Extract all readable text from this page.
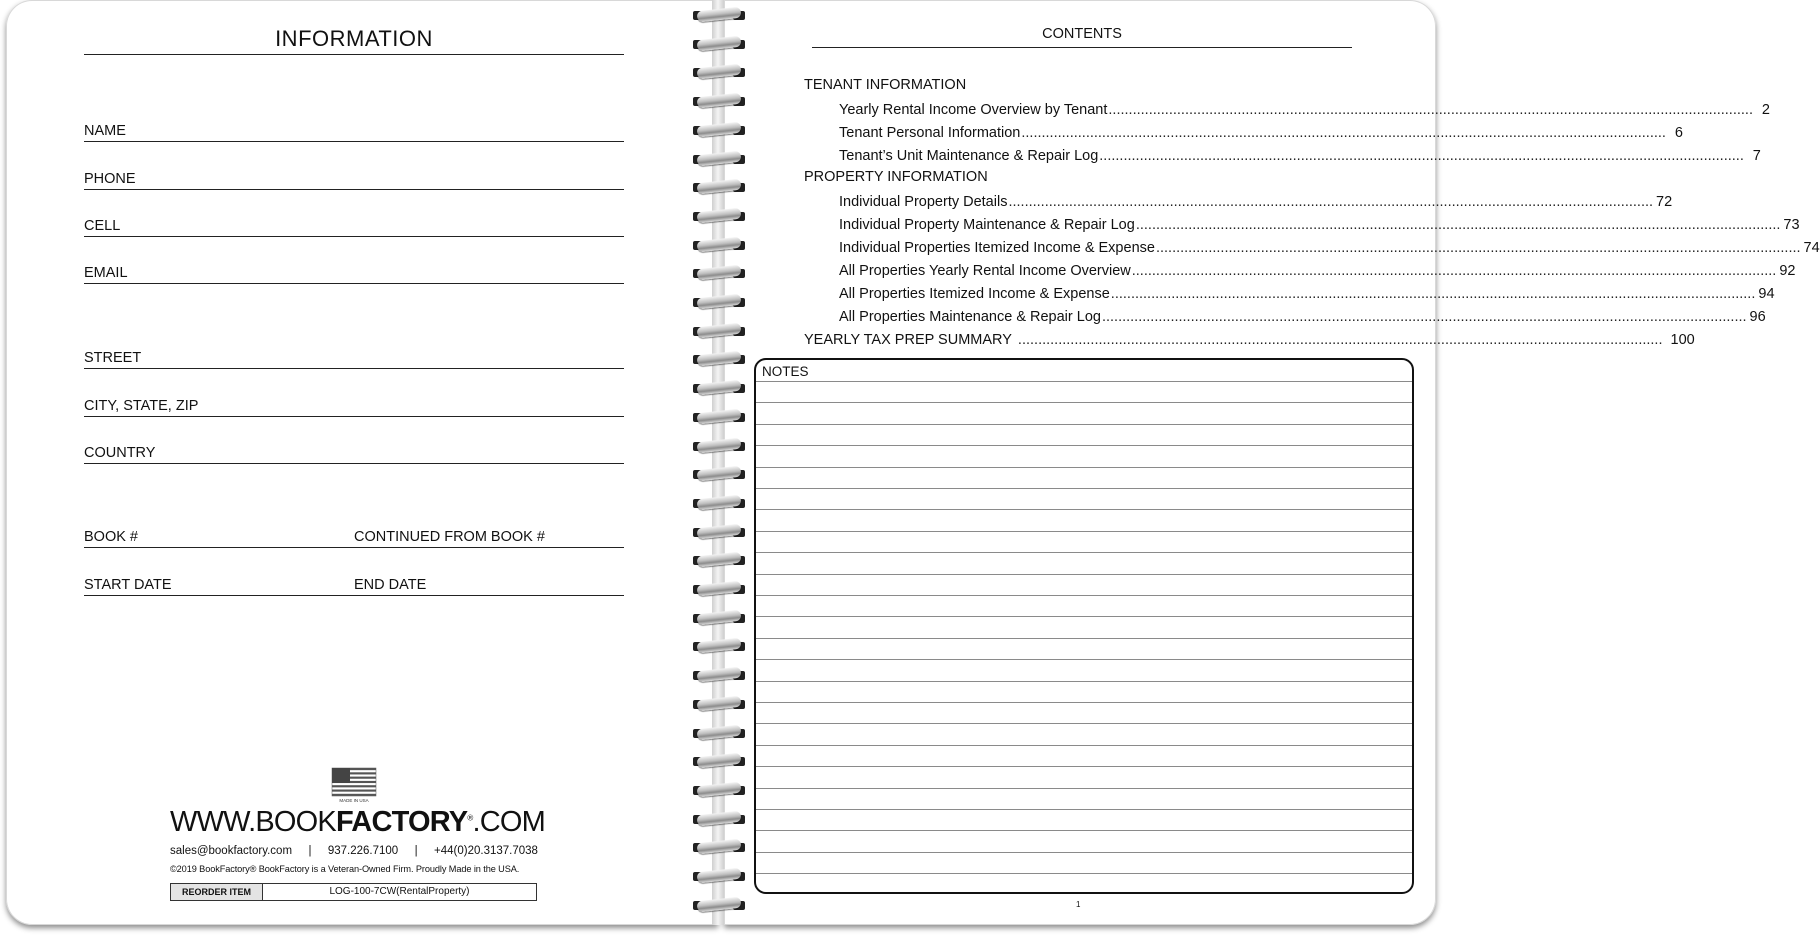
INFORMATION
NAME
PHONE
CELL
EMAIL
STREET
CITY, STATE, ZIP
COUNTRY
BOOK #	CONTINUED FROM BOOK #
START DATE	END DATE
MADE IN USA
WWW.BOOKFACTORY®.COM
sales@bookfactory.com | 937.226.7100 | +44(0)20.3137.7038
©2019 BookFactory® BookFactory is a Veteran-Owned Firm. Proudly Made in the USA.
REORDER ITEM	LOG-100-7CW(RentalProperty)
CONTENTS
TENANT INFORMATION
Yearly Rental Income Overview by Tenant ................................................................................................................................................................ 2
Tenant Personal Information ................................................................................................................................................................ 6
Tenant’s Unit Maintenance & Repair Log ................................................................................................................................................................ 7
PROPERTY INFORMATION
Individual Property Details ................................................................................................................................................................ 72
Individual Property Maintenance & Repair Log ................................................................................................................................................................ 73
Individual Properties Itemized Income & Expense ................................................................................................................................................................ 74
All Properties Yearly Rental Income Overview ................................................................................................................................................................ 92
All Properties Itemized Income & Expense ................................................................................................................................................................ 94
All Properties Maintenance & Repair Log ................................................................................................................................................................ 96
YEARLY TAX PREP SUMMARY ................................................................................................................................................................ 100
NOTES
1
